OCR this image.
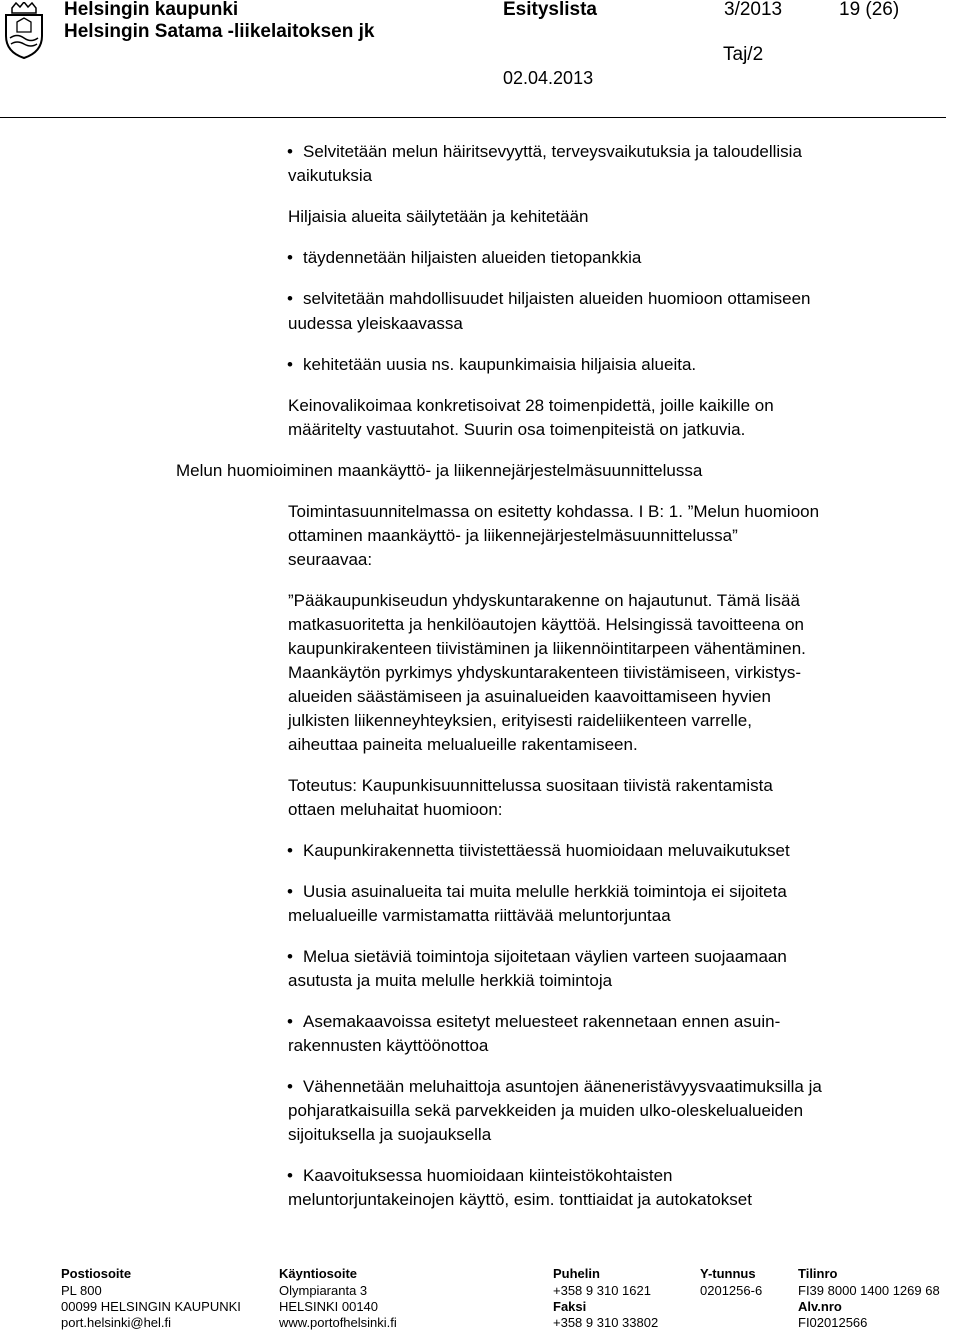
Helsingin kaupunki
Helsingin Satama -liikelaitoksen jk
Esityslista	3/2013	19 (26)
Taj/2
02.04.2013
• Selvitetään melun häiritsevyyttä, terveysvaikutuksia ja taloudellisia
vaikutuksia
Hiljaisia alueita säilytetään ja kehitetään
• täydennetään hiljaisten alueiden tietopankkia
• selvitetään mahdollisuudet hiljaisten alueiden huomioon ottamiseen
uudessa yleiskaavassa
• kehitetään uusia ns. kaupunkimaisia hiljaisia alueita.
Keinovalikoimaa konkretisoivat 28 toimenpidettä, joille kaikille on
määritelty vastuutahot. Suurin osa toimenpiteistä on jatkuvia.
Melun huomioiminen maankäyttö- ja liikennejärjestelmäsuunnittelussa
Toimintasuunnitelmassa on esitetty kohdassa. I B: 1. ”Melun huomioon
ottaminen maankäyttö- ja liikennejärjestelmäsuunnittelussa”
seuraavaa:
”Pääkaupunkiseudun yhdyskuntarakenne on hajautunut. Tämä lisää
matkasuoritetta ja henkilöautojen käyttöä. Helsingissä tavoitteena on
kaupunkirakenteen tiivistäminen ja liikennöintitarpeen vähentäminen.
Maankäytön pyrkimys yhdyskuntarakenteen tiivistämiseen, virkistys-
alueiden säästämiseen ja asuinalueiden kaavoittamiseen hyvien
julkisten liikenneyhteyksien, erityisesti raideliikenteen varrelle,
aiheuttaa paineita melualueille rakentamiseen.
Toteutus: Kaupunkisuunnittelussa suositaan tiivistä rakentamista
ottaen meluhaitat huomioon:
• Kaupunkirakennetta tiivistettäessä huomioidaan meluvaikutukset
• Uusia asuinalueita tai muita melulle herkkiä toimintoja ei sijoiteta
melualueille varmistamatta riittävää meluntorjuntaa
• Melua sietäviä toimintoja sijoitetaan väylien varteen suojaamaan
asutusta ja muita melulle herkkiä toimintoja
• Asemakaavoissa esitetyt meluesteet rakennetaan ennen asuin-
rakennusten käyttöönottoa
• Vähennetään meluhaittoja asuntojen ääneneristävyysvaatimuksilla ja
pohjaratkaisuilla sekä parvekkeiden ja muiden ulko-oleskelualueiden
sijoituksella ja suojauksella
• Kaavoituksessa huomioidaan kiinteistökohtaisten
meluntorjuntakeinojen käyttö, esim. tonttiaidat ja autokatokset
Postiosoite
PL 800
00099 HELSINGIN KAUPUNKI
port.helsinki@hel.fi
Käyntiosoite
Olympiaranta 3
HELSINKI 00140
www.portofhelsinki.fi
Puhelin
+358 9 310 1621
Faksi
+358 9 310 33802
Y-tunnus
0201256-6
Tilinro
FI39 8000 1400 1269 68
Alv.nro
FI02012566
